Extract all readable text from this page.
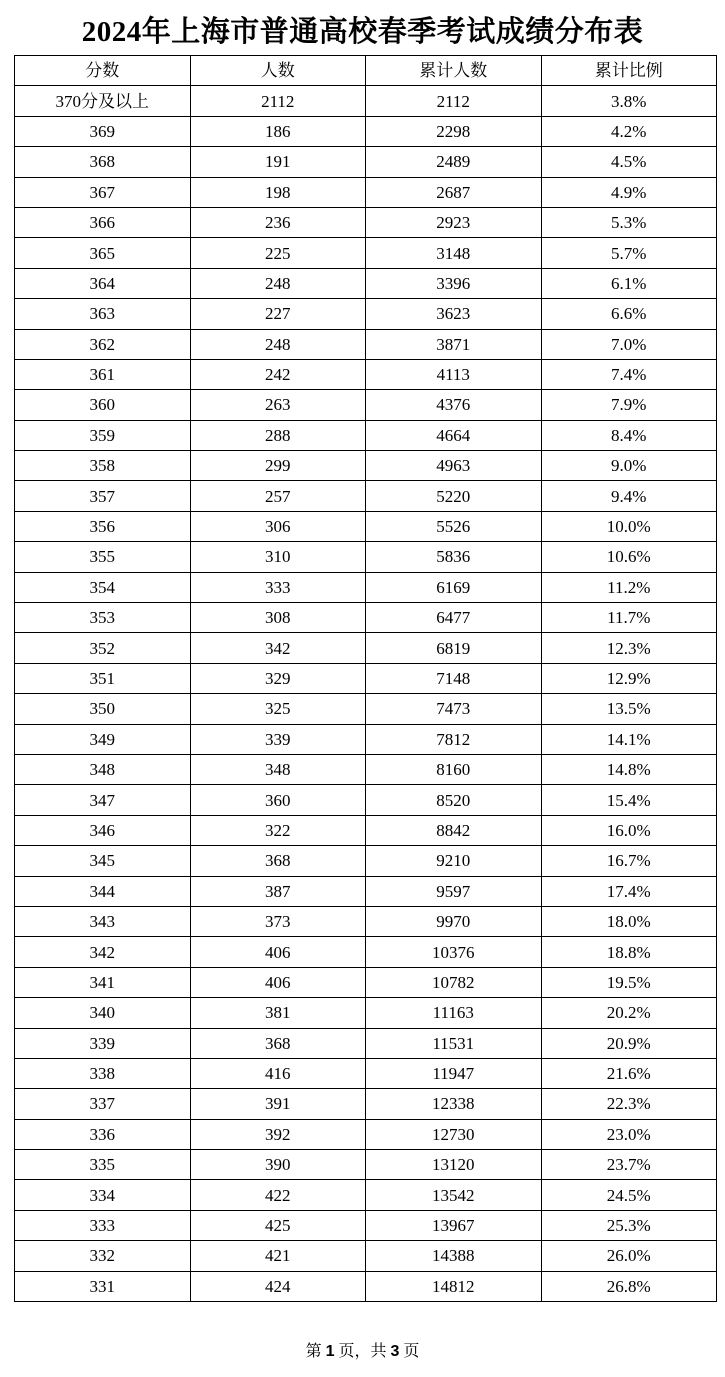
2024年上海市普通高校春季考试成绩分布表
分数	人数	累计人数	累计比例
370分及以上	2112	2112	3.8%
369	186	2298	4.2%
368	191	2489	4.5%
367	198	2687	4.9%
366	236	2923	5.3%
365	225	3148	5.7%
364	248	3396	6.1%
363	227	3623	6.6%
362	248	3871	7.0%
361	242	4113	7.4%
360	263	4376	7.9%
359	288	4664	8.4%
358	299	4963	9.0%
357	257	5220	9.4%
356	306	5526	10.0%
355	310	5836	10.6%
354	333	6169	11.2%
353	308	6477	11.7%
352	342	6819	12.3%
351	329	7148	12.9%
350	325	7473	13.5%
349	339	7812	14.1%
348	348	8160	14.8%
347	360	8520	15.4%
346	322	8842	16.0%
345	368	9210	16.7%
344	387	9597	17.4%
343	373	9970	18.0%
342	406	10376	18.8%
341	406	10782	19.5%
340	381	11163	20.2%
339	368	11531	20.9%
338	416	11947	21.6%
337	391	12338	22.3%
336	392	12730	23.0%
335	390	13120	23.7%
334	422	13542	24.5%
333	425	13967	25.3%
332	421	14388	26.0%
331	424	14812	26.8%
第 1 页，共 3 页
